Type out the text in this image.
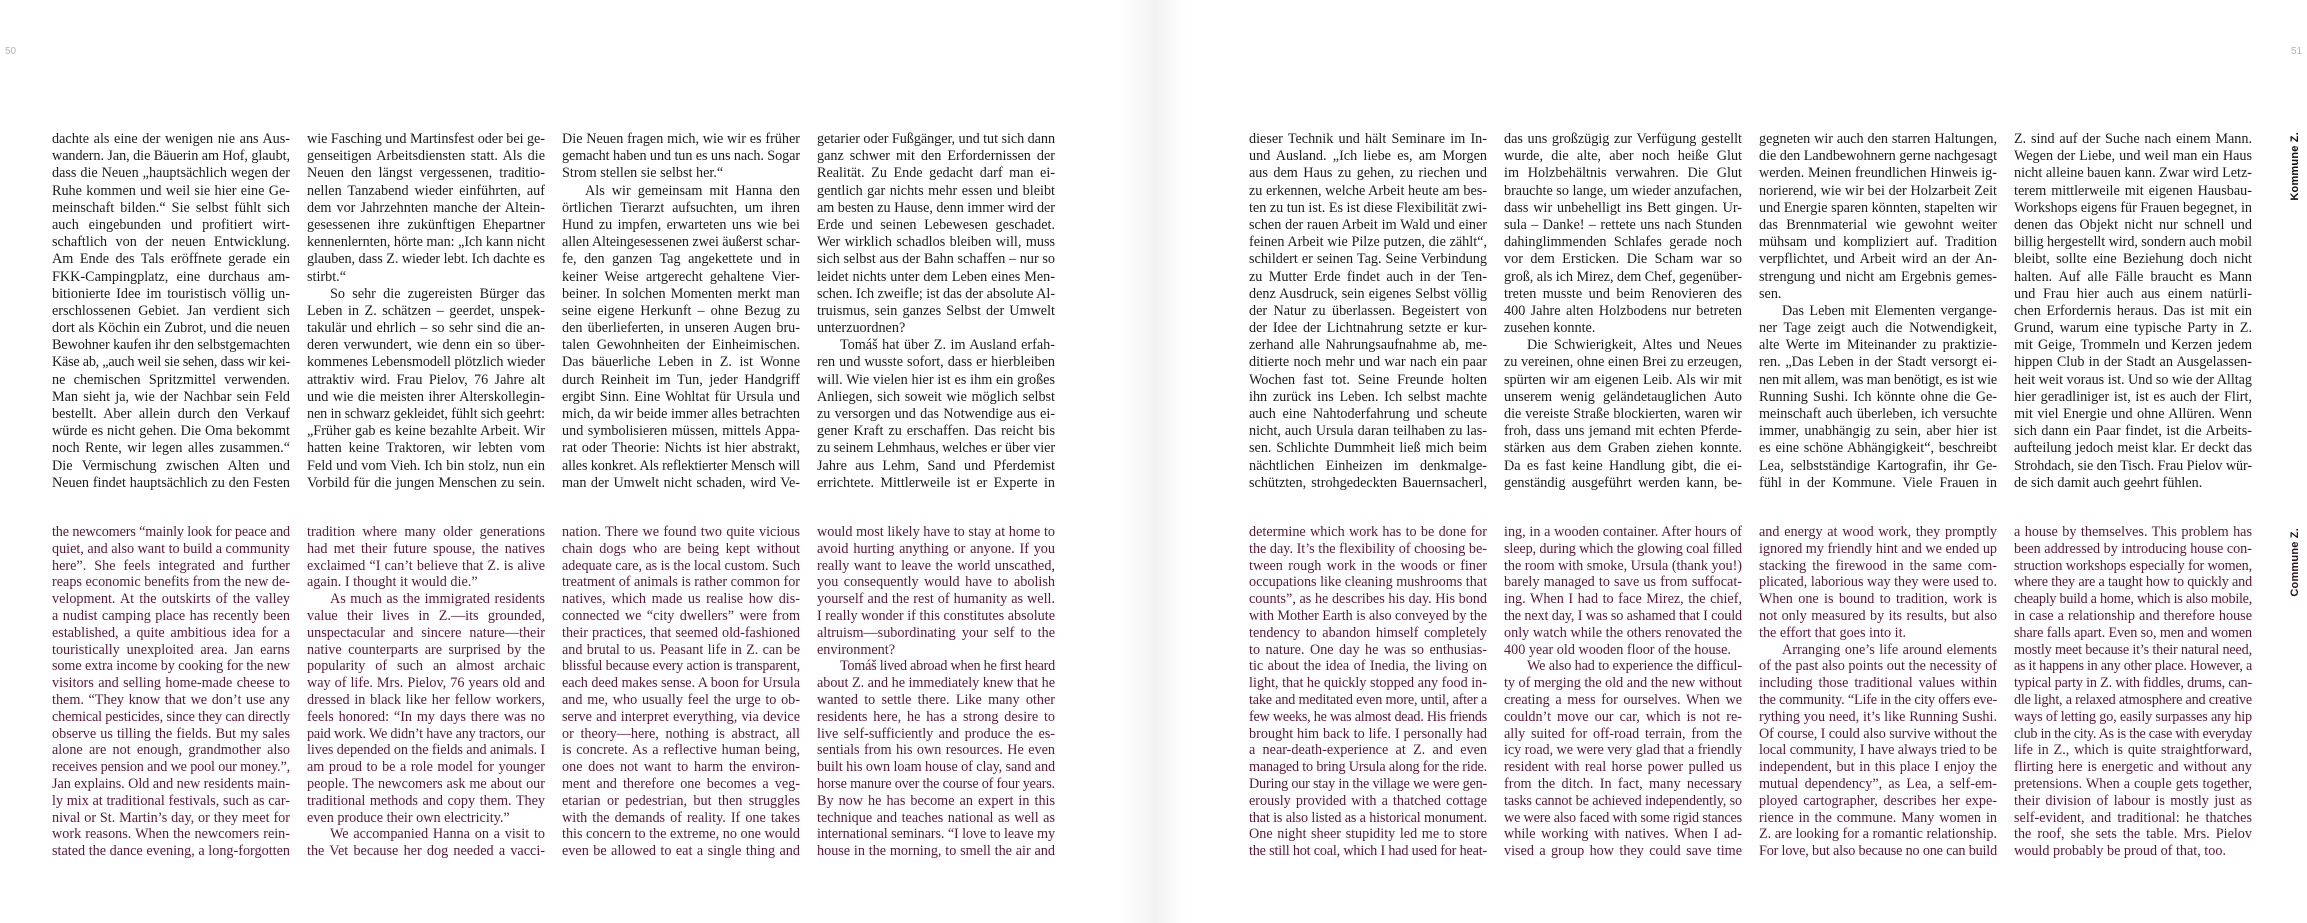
50
dachte als eine der wenigen nie ans Aus-
wandern. Jan, die Bäuerin am Hof, glaubt,
dass die Neuen „hauptsächlich wegen der
Ruhe kommen und weil sie hier eine Ge-
meinschaft bilden.“ Sie selbst fühlt sich
auch eingebunden und profitiert wirt-
schaftlich von der neuen Entwicklung.
Am Ende des Tals eröffnete gerade ein
FKK-Campingplatz, eine durchaus am-
bitionierte Idee im touristisch völlig un-
erschlossenen Gebiet. Jan verdient sich
dort als Köchin ein Zubrot, und die neuen
Bewohner kaufen ihr den selbstgemachten
Käse ab, „auch weil sie sehen, dass wir kei-
ne chemischen Spritzmittel verwenden.
Man sieht ja, wie der Nachbar sein Feld
bestellt. Aber allein durch den Verkauf
würde es nicht gehen. Die Oma bekommt
noch Rente, wir legen alles zusammen.“
Die Vermischung zwischen Alten und
Neuen findet hauptsächlich zu den Festen
wie Fasching und Martinsfest oder bei ge-
genseitigen Arbeitsdiensten statt. Als die
Neuen den längst vergessenen, traditio-
nellen Tanzabend wieder einführten, auf
dem vor Jahrzehnten manche der Altein-
gesessenen ihre zukünftigen Ehepartner
kennenlernten, hörte man: „Ich kann nicht
glauben, dass Z. wieder lebt. Ich dachte es
stirbt.“
So sehr die zugereisten Bürger das
Leben in Z. schätzen – geerdet, unspek-
takulär und ehrlich – so sehr sind die an-
deren verwundert, wie denn ein so über-
kommenes Lebensmodell plötzlich wieder
attraktiv wird. Frau Pielov, 76 Jahre alt
und wie die meisten ihrer Alterskollegin-
nen in schwarz gekleidet, fühlt sich geehrt:
„Früher gab es keine bezahlte Arbeit. Wir
hatten keine Traktoren, wir lebten vom
Feld und vom Vieh. Ich bin stolz, nun ein
Vorbild für die jungen Menschen zu sein.
Die Neuen fragen mich, wie wir es früher
gemacht haben und tun es uns nach. Sogar
Strom stellen sie selbst her.“
Als wir gemeinsam mit Hanna den
örtlichen Tierarzt aufsuchten, um ihren
Hund zu impfen, erwarteten uns wie bei
allen Alteingesessenen zwei äußerst schar-
fe, den ganzen Tag angekettete und in
keiner Weise artgerecht gehaltene Vier-
beiner. In solchen Momenten merkt man
seine eigene Herkunft – ohne Bezug zu
den überlieferten, in unseren Augen bru-
talen Gewohnheiten der Einheimischen.
Das bäuerliche Leben in Z. ist Wonne
durch Reinheit im Tun, jeder Handgriff
ergibt Sinn. Eine Wohltat für Ursula und
mich, da wir beide immer alles betrachten
und symbolisieren müssen, mittels Appa-
rat oder Theorie: Nichts ist hier abstrakt,
alles konkret. Als reflektierter Mensch will
man der Umwelt nicht schaden, wird Ve-
getarier oder Fußgänger, und tut sich dann
ganz schwer mit den Erfordernissen der
Realität. Zu Ende gedacht darf man ei-
gentlich gar nichts mehr essen und bleibt
am besten zu Hause, denn immer wird der
Erde und seinen Lebewesen geschadet.
Wer wirklich schadlos bleiben will, muss
sich selbst aus der Bahn schaffen – nur so
leidet nichts unter dem Leben eines Men-
schen. Ich zweifle; ist das der absolute Al-
truismus, sein ganzes Selbst der Umwelt
unterzuordnen?
Tomáš hat über Z. im Ausland erfah-
ren und wusste sofort, dass er hierbleiben
will. Wie vielen hier ist es ihm ein großes
Anliegen, sich soweit wie möglich selbst
zu versorgen und das Notwendige aus ei-
gener Kraft zu erschaffen. Das reicht bis
zu seinem Lehmhaus, welches er über vier
Jahre aus Lehm, Sand und Pferdemist
errichtete. Mittlerweile ist er Experte in
the newcomers “mainly look for peace and
quiet, and also want to build a community
here”. She feels integrated and further
reaps economic benefits from the new de-
velopment. At the outskirts of the valley
a nudist camping place has recently been
established, a quite ambitious idea for a
touristically unexploited area. Jan earns
some extra income by cooking for the new
visitors and selling home-made cheese to
them. “They know that we don’t use any
chemical pesticides, since they can directly
observe us tilling the fields. But my sales
alone are not enough, grandmother also
receives pension and we pool our money.”,
Jan explains. Old and new residents main-
ly mix at traditional festivals, such as car-
nival or St. Martin’s day, or they meet for
work reasons. When the newcomers rein-
stated the dance evening, a long-forgotten
tradition where many older generations
had met their future spouse, the natives
exclaimed “I can’t believe that Z. is alive
again. I thought it would die.”
As much as the immigrated residents
value their lives in Z.—its grounded,
unspectacular and sincere nature—their
native counterparts are surprised by the
popularity of such an almost archaic
way of life. Mrs. Pielov, 76 years old and
dressed in black like her fellow workers,
feels honored: “In my days there was no
paid work. We didn’t have any tractors, our
lives depended on the fields and animals. I
am proud to be a role model for younger
people. The newcomers ask me about our
traditional methods and copy them. They
even produce their own electricity.”
We accompanied Hanna on a visit to
the Vet because her dog needed a vacci-
nation. There we found two quite vicious
chain dogs who are being kept without
adequate care, as is the local custom. Such
treatment of animals is rather common for
natives, which made us realise how dis-
connected we “city dwellers” were from
their practices, that seemed old-fashioned
and brutal to us. Peasant life in Z. can be
blissful because every action is transparent,
each deed makes sense. A boon for Ursula
and me, who usually feel the urge to ob-
serve and interpret everything, via device
or theory—here, nothing is abstract, all
is concrete. As a reflective human being,
one does not want to harm the environ-
ment and therefore one becomes a veg-
etarian or pedestrian, but then struggles
with the demands of reality. If one takes
this concern to the extreme, no one would
even be allowed to eat a single thing and
would most likely have to stay at home to
avoid hurting anything or anyone. If you
really want to leave the world unscathed,
you consequently would have to abolish
yourself and the rest of humanity as well.
I really wonder if this constitutes absolute
altruism—subordinating your self to the
environment?
Tomáš lived abroad when he first heard
about Z. and he immediately knew that he
wanted to settle there. Like many other
residents here, he has a strong desire to
live self-sufficiently and produce the es-
sentials from his own resources. He even
built his own loam house of clay, sand and
horse manure over the course of four years.
By now he has become an expert in this
technique and teaches national as well as
international seminars. “I love to leave my
house in the morning, to smell the air and
51
Kommune Z.
Commune Z.
dieser Technik und hält Seminare im In-
und Ausland. „Ich liebe es, am Morgen
aus dem Haus zu gehen, zu riechen und
zu erkennen, welche Arbeit heute am bes-
ten zu tun ist. Es ist diese Flexibilität zwi-
schen der rauen Arbeit im Wald und einer
feinen Arbeit wie Pilze putzen, die zählt“,
schildert er seinen Tag. Seine Verbindung
zu Mutter Erde findet auch in der Ten-
denz Ausdruck, sein eigenes Selbst völlig
der Natur zu überlassen. Begeistert von
der Idee der Lichtnahrung setzte er kur-
zerhand alle Nahrungsaufnahme ab, me-
ditierte noch mehr und war nach ein paar
Wochen fast tot. Seine Freunde holten
ihn zurück ins Leben. Ich selbst machte
auch eine Nahtoderfahrung und scheute
nicht, auch Ursula daran teilhaben zu las-
sen. Schlichte Dummheit ließ mich beim
nächtlichen Einheizen im denkmalge-
schützten, strohgedeckten Bauernsacherl,
das uns großzügig zur Verfügung gestellt
wurde, die alte, aber noch heiße Glut
im Holzbehältnis verwahren. Die Glut
brauchte so lange, um wieder anzufachen,
dass wir unbehelligt ins Bett gingen. Ur-
sula – Danke! – rettete uns nach Stunden
dahinglimmenden Schlafes gerade noch
vor dem Ersticken. Die Scham war so
groß, als ich Mirez, dem Chef, gegenüber-
treten musste und beim Renovieren des
400 Jahre alten Holzbodens nur betreten
zusehen konnte.
Die Schwierigkeit, Altes und Neues
zu vereinen, ohne einen Brei zu erzeugen,
spürten wir am eigenen Leib. Als wir mit
unserem wenig geländetauglichen Auto
die vereiste Straße blockierten, waren wir
froh, dass uns jemand mit echten Pferde-
stärken aus dem Graben ziehen konnte.
Da es fast keine Handlung gibt, die ei-
genständig ausgeführt werden kann, be-
gegneten wir auch den starren Haltungen,
die den Landbewohnern gerne nachgesagt
werden. Meinen freundlichen Hinweis ig-
norierend, wie wir bei der Holzarbeit Zeit
und Energie sparen könnten, stapelten wir
das Brennmaterial wie gewohnt weiter
mühsam und kompliziert auf. Tradition
verpflichtet, und Arbeit wird an der An-
strengung und nicht am Ergebnis gemes-
sen.
Das Leben mit Elementen vergange-
ner Tage zeigt auch die Notwendigkeit,
alte Werte im Miteinander zu praktizie-
ren. „Das Leben in der Stadt versorgt ei-
nen mit allem, was man benötigt, es ist wie
Running Sushi. Ich könnte ohne die Ge-
meinschaft auch überleben, ich versuchte
immer, unabhängig zu sein, aber hier ist
es eine schöne Abhängigkeit“, beschreibt
Lea, selbstständige Kartografin, ihr Ge-
fühl in der Kommune. Viele Frauen in
Z. sind auf der Suche nach einem Mann.
Wegen der Liebe, und weil man ein Haus
nicht alleine bauen kann. Zwar wird Letz-
terem mittlerweile mit eigenen Hausbau-
Workshops eigens für Frauen begegnet, in
denen das Objekt nicht nur schnell und
billig hergestellt wird, sondern auch mobil
bleibt, sollte eine Beziehung doch nicht
halten. Auf alle Fälle braucht es Mann
und Frau hier auch aus einem natürli-
chen Erfordernis heraus. Das ist mit ein
Grund, warum eine typische Party in Z.
mit Geige, Trommeln und Kerzen jedem
hippen Club in der Stadt an Ausgelassen-
heit weit voraus ist. Und so wie der Alltag
hier geradliniger ist, ist es auch der Flirt,
mit viel Energie und ohne Allüren. Wenn
sich dann ein Paar findet, ist die Arbeits-
aufteilung jedoch meist klar. Er deckt das
Strohdach, sie den Tisch. Frau Pielov wür-
de sich damit auch geehrt fühlen.
determine which work has to be done for
the day. It’s the flexibility of choosing be-
tween rough work in the woods or finer
occupations like cleaning mushrooms that
counts”, as he describes his day. His bond
with Mother Earth is also conveyed by the
tendency to abandon himself completely
to nature. One day he was so enthusias-
tic about the idea of Inedia, the living on
light, that he quickly stopped any food in-
take and meditated even more, until, after a
few weeks, he was almost dead. His friends
brought him back to life. I personally had
a near-death-experience at Z. and even
managed to bring Ursula along for the ride.
During our stay in the village we were gen-
erously provided with a thatched cottage
that is also listed as a historical monument.
One night sheer stupidity led me to store
the still hot coal, which I had used for heat-
ing, in a wooden container. After hours of
sleep, during which the glowing coal filled
the room with smoke, Ursula (thank you!)
barely managed to save us from suffocat-
ing. When I had to face Mirez, the chief,
the next day, I was so ashamed that I could
only watch while the others renovated the
400 year old wooden floor of the house.
We also had to experience the difficul-
ty of merging the old and the new without
creating a mess for ourselves. When we
couldn’t move our car, which is not re-
ally suited for off-road terrain, from the
icy road, we were very glad that a friendly
resident with real horse power pulled us
from the ditch. In fact, many necessary
tasks cannot be achieved independently, so
we were also faced with some rigid stances
while working with natives. When I ad-
vised a group how they could save time
and energy at wood work, they promptly
ignored my friendly hint and we ended up
stacking the firewood in the same com-
plicated, laborious way they were used to.
When one is bound to tradition, work is
not only measured by its results, but also
the effort that goes into it.
Arranging one’s life around elements
of the past also points out the necessity of
including those traditional values within
the community. “Life in the city offers eve-
rything you need, it’s like Running Sushi.
Of course, I could also survive without the
local community, I have always tried to be
independent, but in this place I enjoy the
mutual dependency”, as Lea, a self-em-
ployed cartographer, describes her expe-
rience in the commune. Many women in
Z. are looking for a romantic relationship.
For love, but also because no one can build
a house by themselves. This problem has
been addressed by introducing house con-
struction workshops especially for women,
where they are a taught how to quickly and
cheaply build a home, which is also mobile,
in case a relationship and therefore house
share falls apart. Even so, men and women
mostly meet because it’s their natural need,
as it happens in any other place. However, a
typical party in Z. with fiddles, drums, can-
dle light, a relaxed atmosphere and creative
ways of letting go, easily surpasses any hip
club in the city. As is the case with everyday
life in Z., which is quite straightforward,
flirting here is energetic and without any
pretensions. When a couple gets together,
their division of labour is mostly just as
self-evident, and traditional: he thatches
the roof, she sets the table. Mrs. Pielov
would probably be proud of that, too.
